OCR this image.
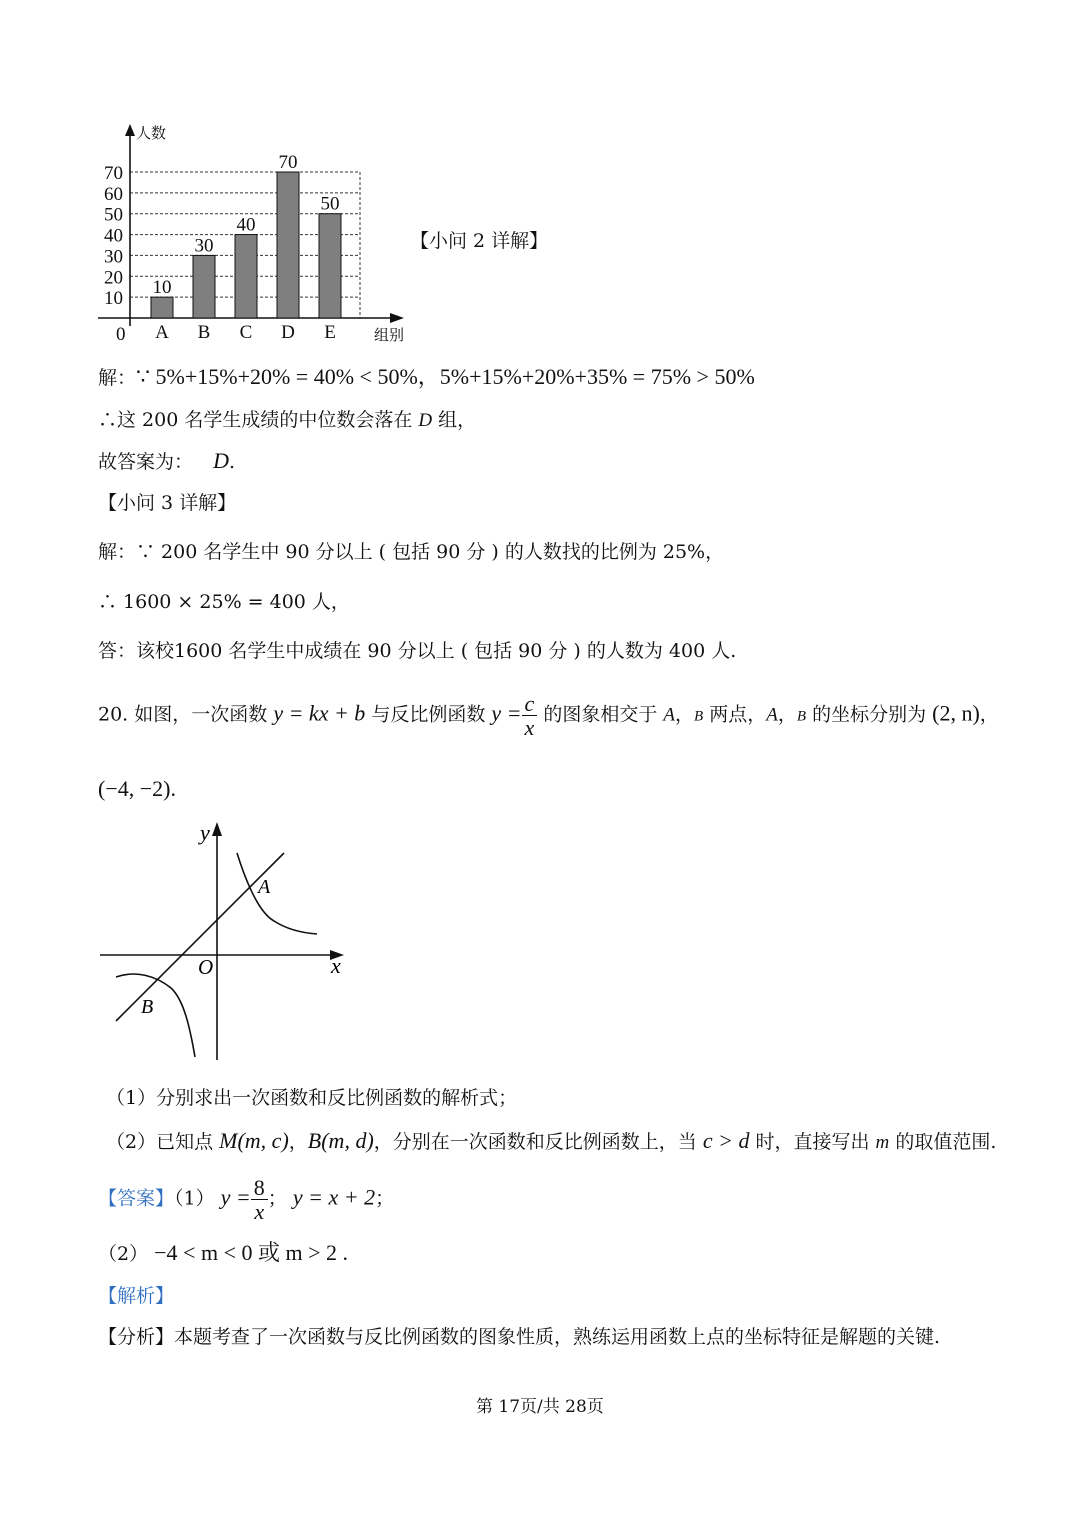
0
10
20
30
40
50
60
70
10
A
30
B
40
C
70
D
50
E
人数
组别
【小问 2 详解】
解：∵ 5%+15%+20% = 40% < 50%，5%+15%+20%+35% = 75% > 50%
∴这 200 名学生成绩的中位数会落在 D 组，
故答案为： D.
【小问 3 详解】
解：∵ 200 名学生中 90 分以上 ( 包括 90 分 ) 的人数找的比例为 25%，
∴ 1600 × 25% = 400 人，
答：该校1600 名学生中成绩在 90 分以上 ( 包括 90 分 ) 的人数为 400 人.
20. 如图，一次函数 y = kx + b 与反比例函数 $y = \frac{c}{x}$ 的图象相交于 A，B 两点，A，B 的坐标分别为 (2, n)，
(−4, −2).
y
x
O
A
B
（1）分别求出一次函数和反比例函数的解析式；
（2）已知点 M(m, c)，B(m, d)，分别在一次函数和反比例函数上，当 c > d 时，直接写出 m 的取值范围.
【答案】（1） $y = \frac{8}{x}$ ； y = x + 2；
（2） −4 < m < 0 或 m > 2 .
【解析】
【分析】本题考查了一次函数与反比例函数的图象性质，熟练运用函数上点的坐标特征是解题的关键.
第 17页/共 28页
